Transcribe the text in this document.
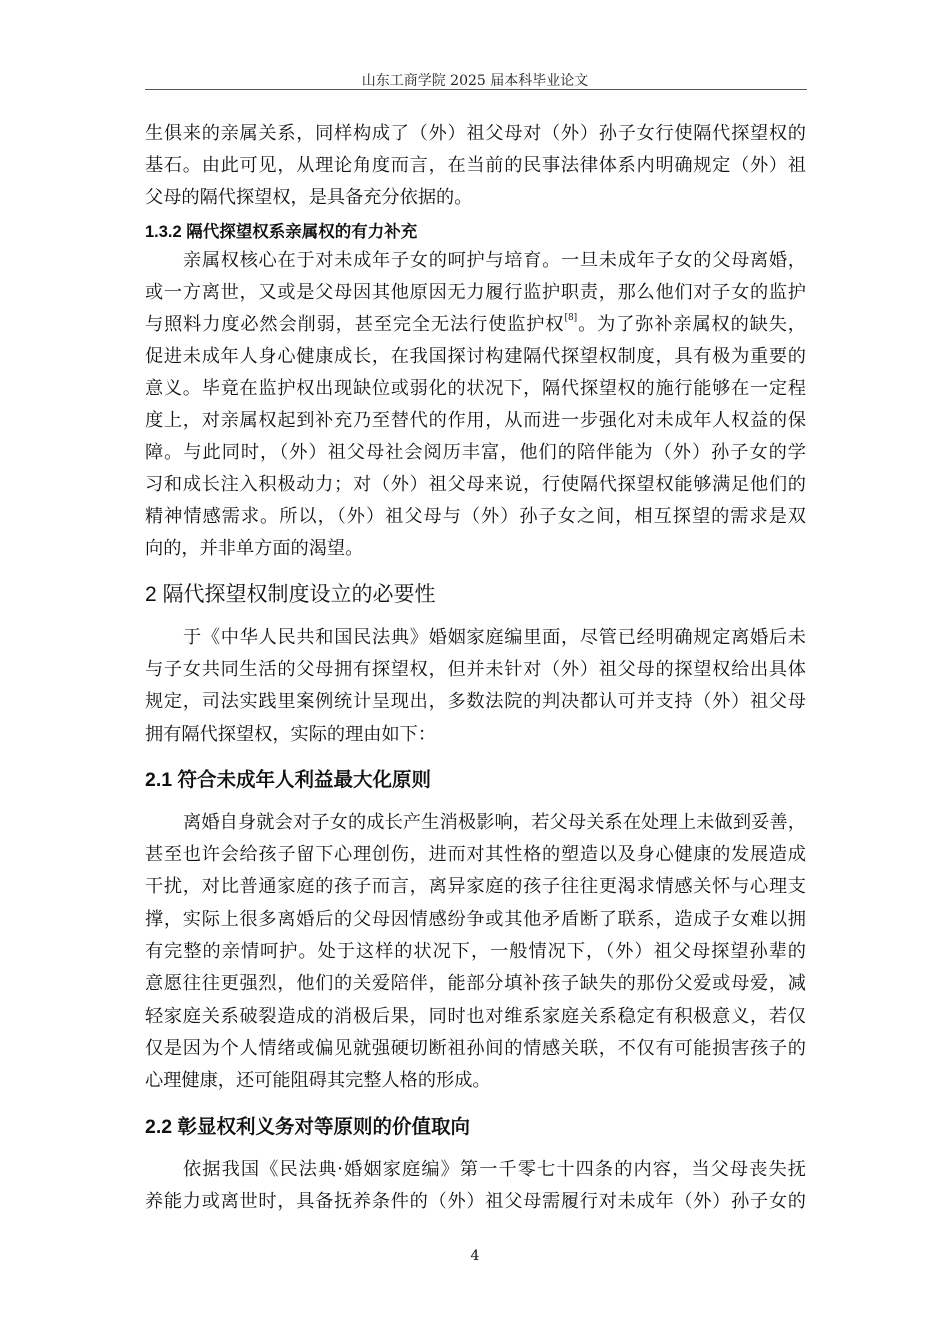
山东工商学院 2025 届本科毕业论文
生俱来的亲属关系，同样构成了（外）祖父母对（外）孙子女行使隔代探望权的
基石。由此可见，从理论角度而言，在当前的民事法律体系内明确规定（外）祖
父母的隔代探望权，是具备充分依据的。
1.3.2 隔代探望权系亲属权的有力补充
亲属权核心在于对未成年子女的呵护与培育。一旦未成年子女的父母离婚，
或一方离世，又或是父母因其他原因无力履行监护职责，那么他们对子女的监护
与照料力度必然会削弱，甚至完全无法行使监护权[8]。为了弥补亲属权的缺失，
促进未成年人身心健康成长，在我国探讨构建隔代探望权制度，具有极为重要的
意义。毕竟在监护权出现缺位或弱化的状况下，隔代探望权的施行能够在一定程
度上，对亲属权起到补充乃至替代的作用，从而进一步强化对未成年人权益的保
障。与此同时，（外）祖父母社会阅历丰富，他们的陪伴能为（外）孙子女的学
习和成长注入积极动力；对（外）祖父母来说，行使隔代探望权能够满足他们的
精神情感需求。所以，（外）祖父母与（外）孙子女之间，相互探望的需求是双
向的，并非单方面的渴望。
2 隔代探望权制度设立的必要性
于《中华人民共和国民法典》婚姻家庭编里面，尽管已经明确规定离婚后未
与子女共同生活的父母拥有探望权，但并未针对（外）祖父母的探望权给出具体
规定，司法实践里案例统计呈现出，多数法院的判决都认可并支持（外）祖父母
拥有隔代探望权，实际的理由如下：
2.1 符合未成年人利益最大化原则
离婚自身就会对子女的成长产生消极影响，若父母关系在处理上未做到妥善，
甚至也许会给孩子留下心理创伤，进而对其性格的塑造以及身心健康的发展造成
干扰，对比普通家庭的孩子而言，离异家庭的孩子往往更渴求情感关怀与心理支
撑，实际上很多离婚后的父母因情感纷争或其他矛盾断了联系，造成子女难以拥
有完整的亲情呵护。处于这样的状况下，一般情况下，（外）祖父母探望孙辈的
意愿往往更强烈，他们的关爱陪伴，能部分填补孩子缺失的那份父爱或母爱，减
轻家庭关系破裂造成的消极后果，同时也对维系家庭关系稳定有积极意义，若仅
仅是因为个人情绪或偏见就强硬切断祖孙间的情感关联，不仅有可能损害孩子的
心理健康，还可能阻碍其完整人格的形成。
2.2 彰显权利义务对等原则的价值取向
依据我国《民法典·婚姻家庭编》第一千零七十四条的内容，当父母丧失抚
养能力或离世时，具备抚养条件的（外）祖父母需履行对未成年（外）孙子女的
4
